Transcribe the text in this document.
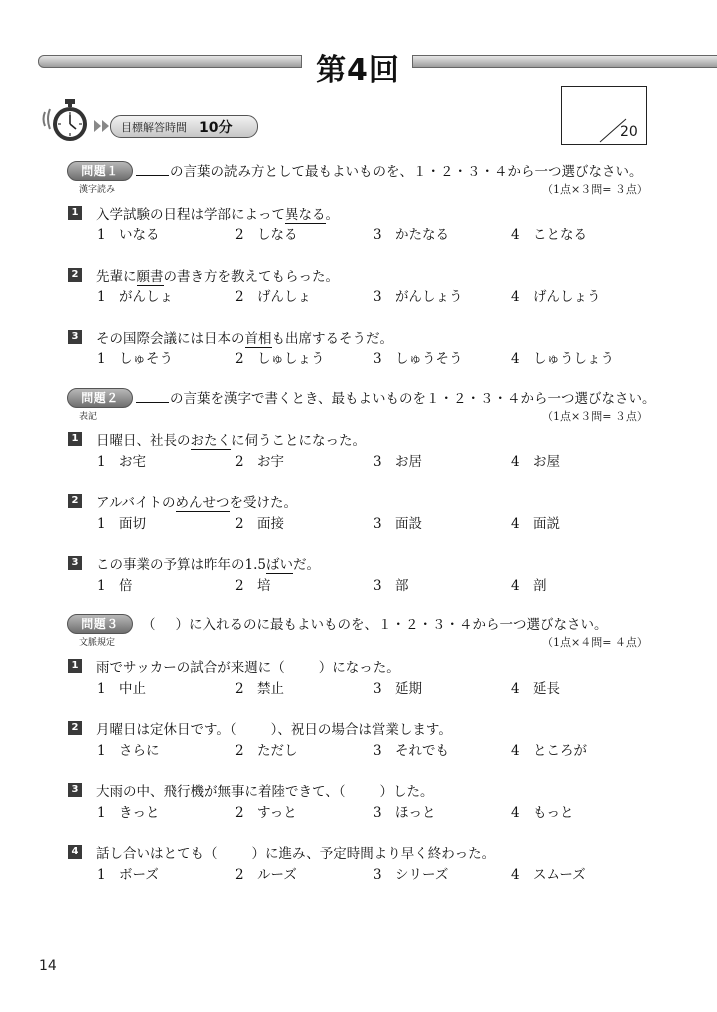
第4回
目標解答時間 10分	20
問題１	の言葉の読み方として最もよいものを、１・２・３・４から一つ選びなさい。
漢字読み	（1点×３問= ３点）
1 入学試験の日程は学部によって異なる。
1 いなる	2 しなる	3 かたなる	4 ことなる
2 先輩に願書の書き方を教えてもらった。
1 がんしょ	2 げんしょ	3 がんしょう	4 げんしょう
3 その国際会議には日本の首相も出席するそうだ。
1 しゅそう	2 しゅしょう	3 しゅうそう	4 しゅうしょう
問題２	の言葉を漢字で書くとき、最もよいものを１・２・３・４から一つ選びなさい。
表記	（1点×３問= ３点）
1 日曜日、社長のおたくに伺うことになった。
1 お宅	2 お宇	3 お居	4 お屋
2 アルバイトのめんせつを受けた。
1 面切	2 面接	3 面設	4 面説
3 この事業の予算は昨年の1.5ばいだ。
1 倍	2 培	3 部	4 剖
問題３	（ ）に入れるのに最もよいものを、１・２・３・４から一つ選びなさい。
文脈規定	（1点×４問= ４点）
1 雨でサッカーの試合が来週に（	）になった。
1 中止	2 禁止	3 延期	4 延長
2 月曜日は定休日です。（	）、祝日の場合は営業します。
1 さらに	2 ただし	3 それでも	4 ところが
3 大雨の中、飛行機が無事に着陸できて、（	）した。
1 きっと	2 すっと	3 ほっと	4 もっと
4 話し合いはとても（	）に進み、予定時間より早く終わった。
1 ボーズ	2 ルーズ	3 シリーズ	4 スムーズ
14
